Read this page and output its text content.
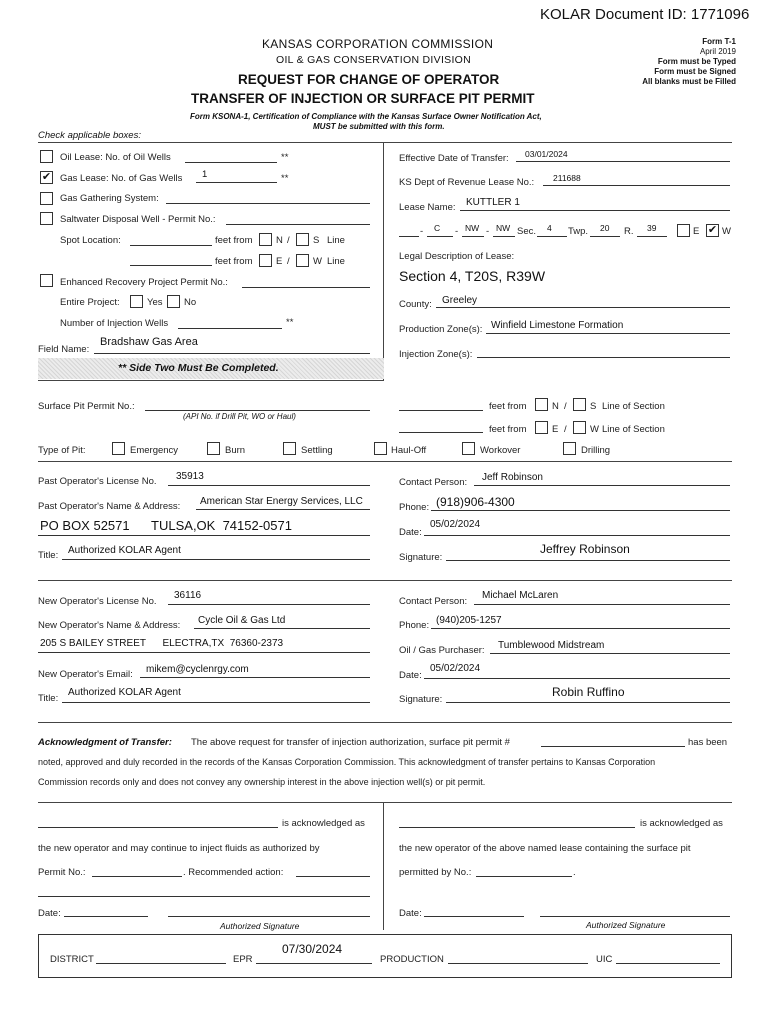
KOLAR Document ID: 1771096
KANSAS CORPORATION COMMISSION
OIL & GAS CONSERVATION DIVISION
REQUEST FOR CHANGE OF OPERATOR
TRANSFER OF INJECTION OR SURFACE PIT PERMIT
Form KSONA-1, Certification of Compliance with the Kansas Surface Owner Notification Act,
MUST be submitted with this form.
Form T-1
April 2019
Form must be Typed
Form must be Signed
All blanks must be Filled
Check applicable boxes:
Oil Lease: No. of Oil Wells	**
✔
Gas Lease: No. of Gas Wells 1	**
Gas Gathering System:
Saltwater Disposal Well - Permit No.:
Spot Location:	feet from N / S Line
feet from E / W Line
Enhanced Recovery Project Permit No.:
Entire Project:	Yes No
Number of Injection Wells	**
Field Name:
Bradshaw Gas Area
** Side Two Must Be Completed.
Effective Date of Transfer: 03/01/2024
KS Dept of Revenue Lease No.: 211688
Lease Name: KUTTLER 1
- C - NW - NW Sec. 4 Twp. 20 R. 39	E
✔ W
Legal Description of Lease:
Section 4, T20S, R39W
County: Greeley
Production Zone(s): Winfield Limestone Formation
Injection Zone(s):
Surface Pit Permit No.:
(API No. if Drill Pit, WO or Haul)
feet from	N / S Line of Section
feet from	E / W Line of Section
Type of Pit:	Emergency	Burn	Settling	Haul-Off	Workover	Drilling
Past Operator's License No. 35913
Past Operator's Name & Address: American Star Energy Services, LLC
PO BOX 52571      TULSA,OK  74152-0571
Title: Authorized KOLAR Agent
Contact Person: Jeff Robinson
Phone: (918)906-4300
Date:
05/02/2024
Signature:
Jeffrey Robinson
New Operator's License No.
36116
New Operator's Name & Address: Cycle Oil & Gas Ltd
205 S BAILEY STREET      ELECTRA,TX  76360-2373
New Operator's Email: mikem@cyclenrgy.com
Title:
Authorized KOLAR Agent
Contact Person:
Michael McLaren
Phone: (940)205-1257
Oil / Gas Purchaser: Tumblewood Midstream
Date:
05/02/2024
Signature:
Robin Ruffino
Acknowledgment of Transfer: The above request for transfer of injection authorization, surface pit permit #	has been
noted, approved and duly recorded in the records of the Kansas Corporation Commission. This acknowledgment of transfer pertains to Kansas Corporation
Commission records only and does not convey any ownership interest in the above injection well(s) or pit permit.
is acknowledged as
the new operator and may continue to inject fluids as authorized by
Permit No.:	. Recommended action:
Date:
Authorized Signature
is acknowledged as
the new operator of the above named lease containing the surface pit
permitted by No.:	.
Date:
Authorized Signature
DISTRICT	EPR
07/30/2024
PRODUCTION	UIC
